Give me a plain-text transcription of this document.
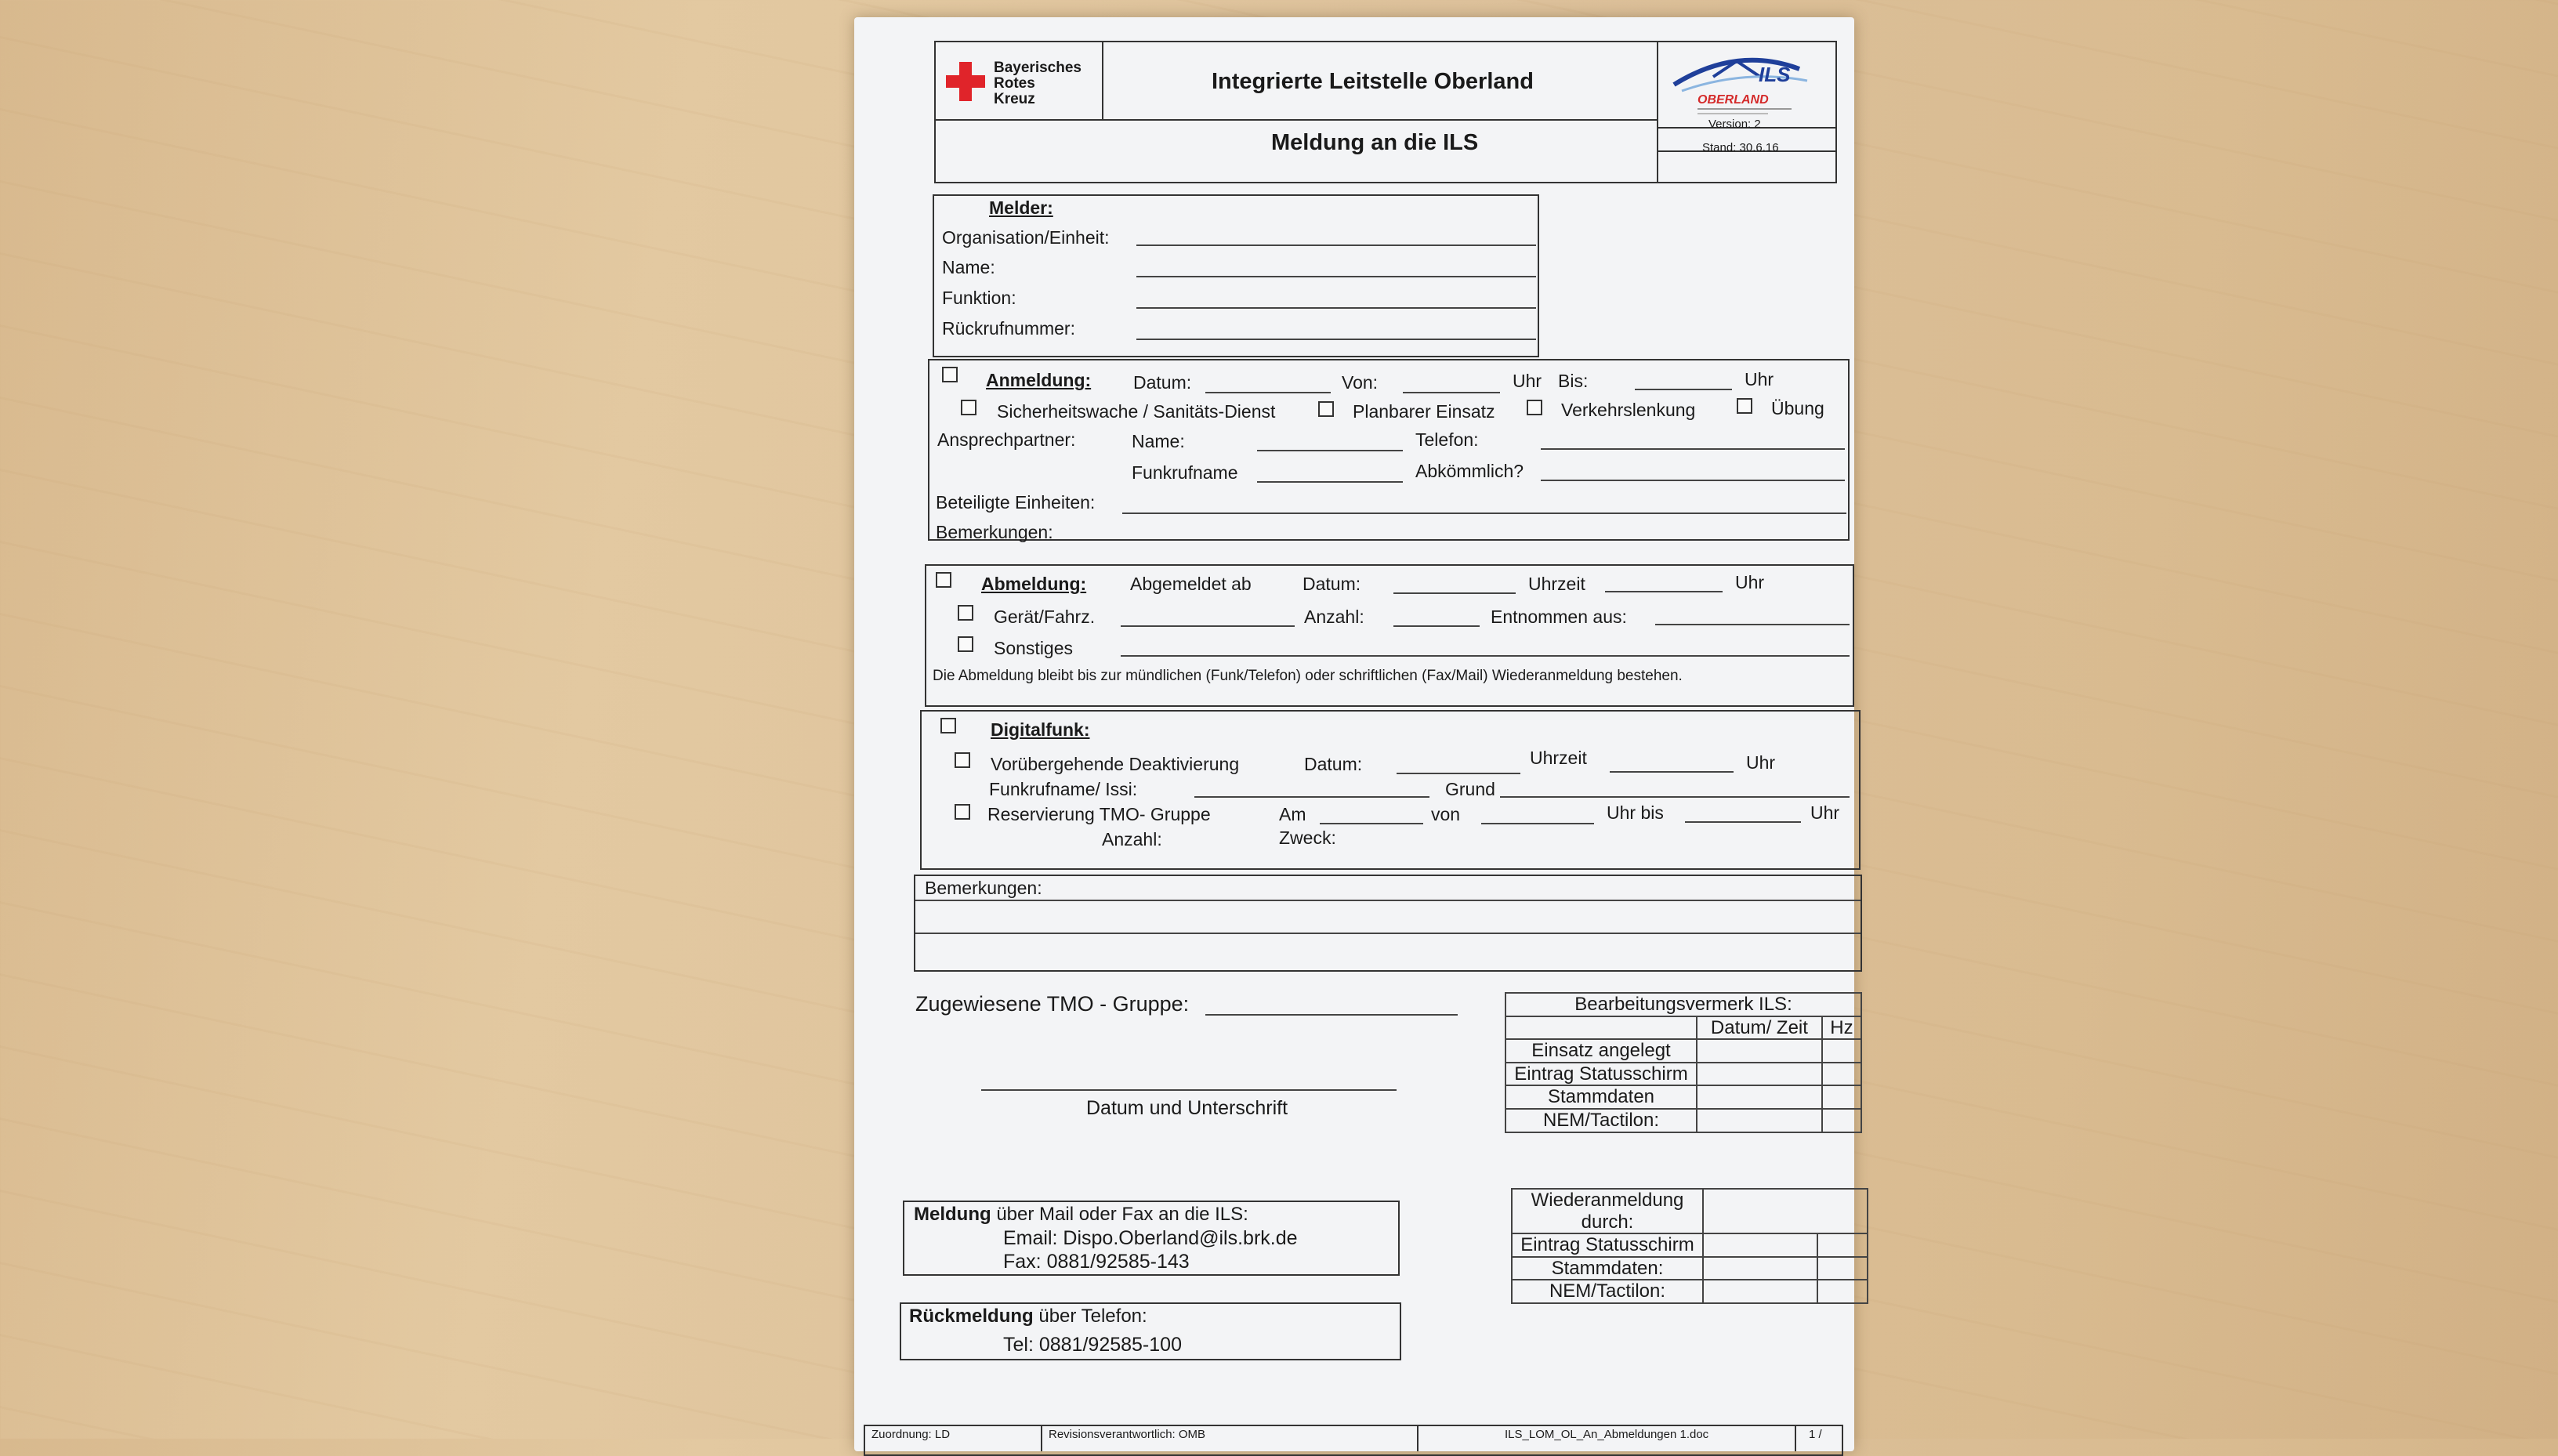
Bayerisches
Rotes
Kreuz
Integrierte Leitstelle Oberland
Meldung an die ILS
ILS
OBERLAND
Version: 2
Stand: 30.6.16
Melder:
Organisation/Einheit:
Name:
Funktion:
Rückrufnummer:
Anmeldung: Datum:	Von:	Uhr Bis:	Uhr
Sicherheitswache / Sanitäts-Dienst	Planbarer Einsatz	Verkehrslenkung	Übung
Ansprechpartner:	Name:	Telefon:
Funkrufname	Abkömmlich?
Beteiligte Einheiten:
Bemerkungen:
Abmeldung: Abgemeldet ab	Datum:	Uhrzeit	Uhr
Gerät/Fahrz.	Anzahl:	Entnommen aus:
Sonstiges
Die Abmeldung bleibt bis zur mündlichen (Funk/Telefon) oder schriftlichen (Fax/Mail) Wiederanmeldung bestehen.
Digitalfunk:
Vorübergehende Deaktivierung	Datum:	Uhrzeit	Uhr
Funkrufname/ Issi:	Grund
Reservierung TMO- Gruppe	Am	von	Uhr bis	Uhr
Anzahl:	Zweck:
Bemerkungen:
Zugewiesene TMO - Gruppe:
Datum und Unterschrift
Meldung über Mail oder Fax an die ILS:
Email: Dispo.Oberland@ils.brk.de
Fax: 0881/92585-143
Rückmeldung über Telefon:
Tel: 0881/92585-100
Bearbeitungsvermerk ILS:		
	Datum/ Zeit	Hz
Einsatz angelegt		
Eintrag Statusschirm		
Stammdaten		
NEM/Tactilon:		
Wiederanmeldung durch:		
Eintrag Statusschirm		
Stammdaten:		
NEM/Tactilon:		
Zuordnung: LD	Revisionsverantwortlich: OMB	ILS_LOM_OL_An_Abmeldungen 1.doc	1 /
